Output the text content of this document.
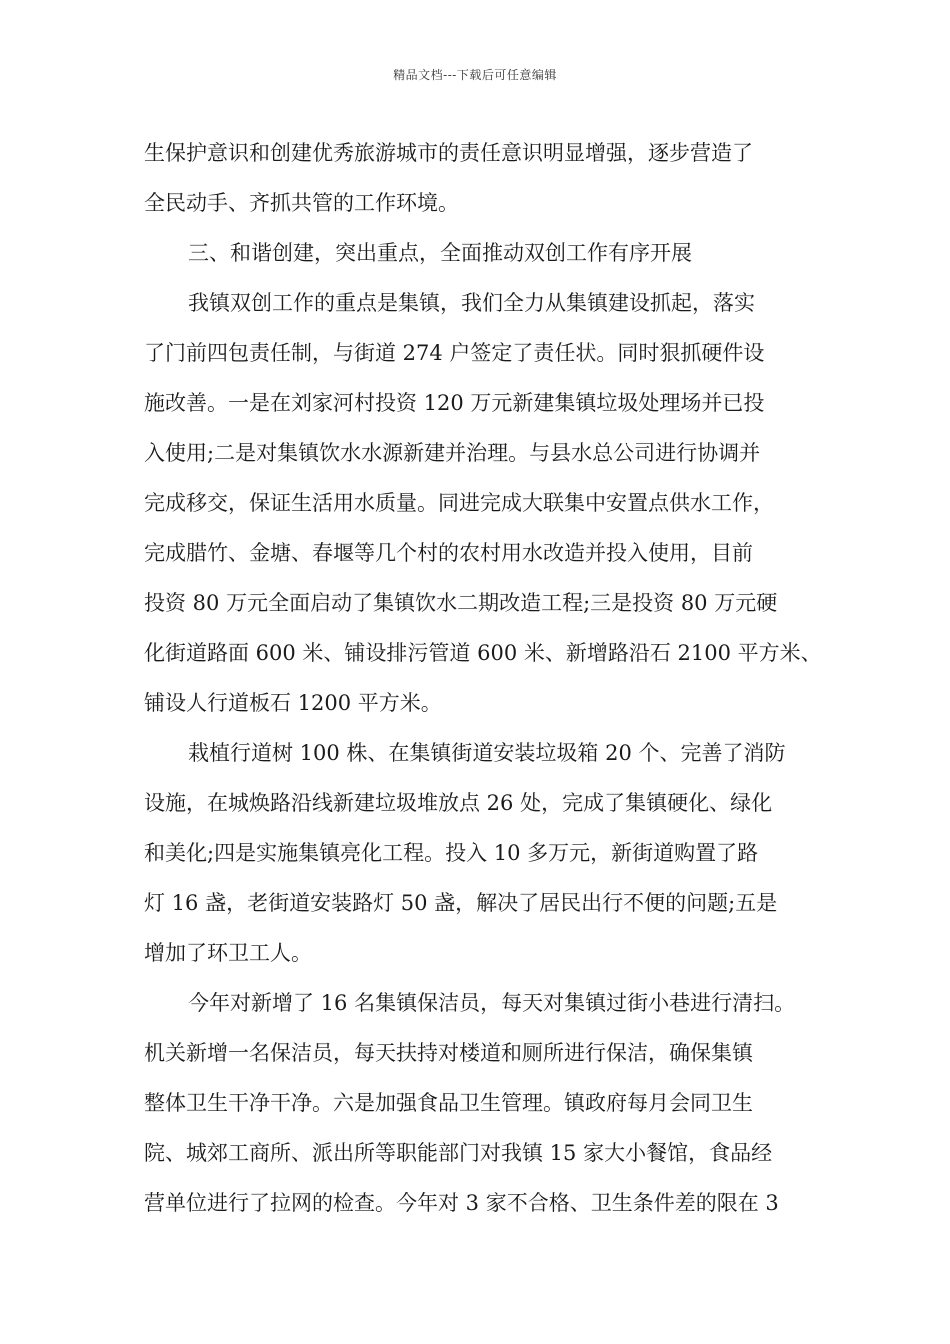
精品文档---下载后可任意编辑
生保护意识和创建优秀旅游城市的责任意识明显增强，逐步营造了
全民动手、齐抓共管的工作环境。
三、和谐创建，突出重点，全面推动双创工作有序开展
我镇双创工作的重点是集镇，我们全力从集镇建设抓起，落实
了门前四包责任制，与街道 274 户签定了责任状。同时狠抓硬件设
施改善。一是在刘家河村投资 120 万元新建集镇垃圾处理场并已投
入使用;二是对集镇饮水水源新建并治理。与县水总公司进行协调并
完成移交，保证生活用水质量。同进完成大联集中安置点供水工作，
完成腊竹、金塘、春堰等几个村的农村用水改造并投入使用，目前
投资 80 万元全面启动了集镇饮水二期改造工程;三是投资 80 万元硬
化街道路面 600 米、铺设排污管道 600 米、新增路沿石 2100 平方米、
铺设人行道板石 1200 平方米。
栽植行道树 100 株、在集镇街道安装垃圾箱 20 个、完善了消防
设施，在城焕路沿线新建垃圾堆放点 26 处，完成了集镇硬化、绿化
和美化;四是实施集镇亮化工程。投入 10 多万元，新街道购置了路
灯 16 盏，老街道安装路灯 50 盏，解决了居民出行不便的问题;五是
增加了环卫工人。
今年对新增了 16 名集镇保洁员，每天对集镇过街小巷进行清扫。
机关新增一名保洁员，每天扶持对楼道和厕所进行保洁，确保集镇
整体卫生干净干净。六是加强食品卫生管理。镇政府每月会同卫生
院、城郊工商所、派出所等职能部门对我镇 15 家大小餐馆，食品经
营单位进行了拉网的检查。今年对 3 家不合格、卫生条件差的限在 3
